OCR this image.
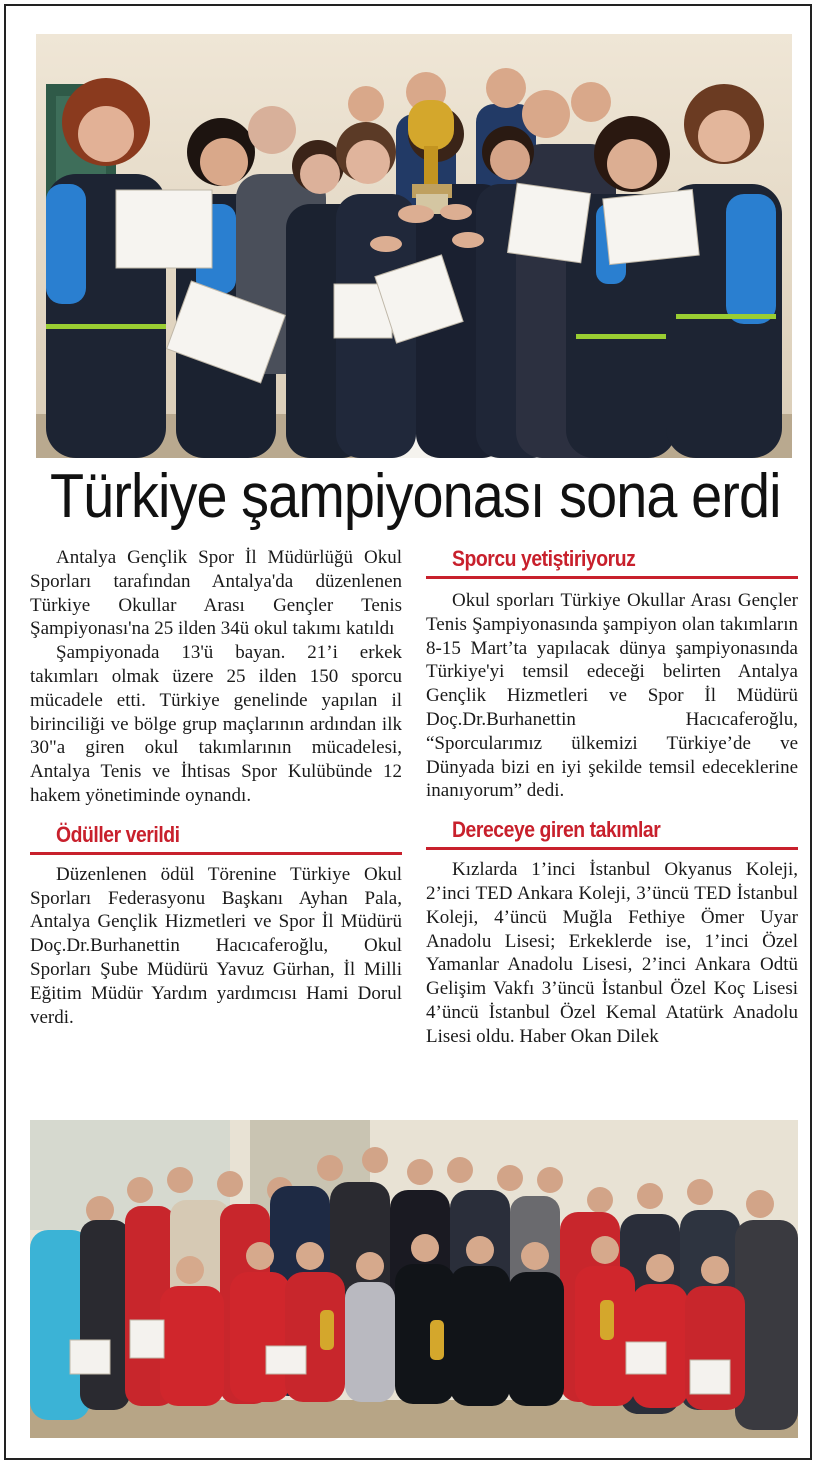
Türkiye şampiyonası sona erdi

Antalya Gençlik Spor İl Müdürlüğü Okul Sporları tarafından Antalya'da düzenlenen Türkiye Okullar Arası Gençler Tenis Şampiyonası'na 25 ilden 34ü okul takımı katıldı

Şampiyonada 13'ü bayan. 21’i erkek takımları olmak üzere 25 ilden 150 sporcu mücadele etti. Türkiye genelinde yapılan il birinciliği ve bölge grup maçlarının ardından ilk 30"a giren okul takımlarının mücadelesi, Antalya Tenis ve İhtisas Spor Kulübünde 12 hakem yönetiminde oynandı.

Ödüller verildi

Düzenlenen ödül Törenine Türkiye Okul Sporları Federasyonu Başkanı Ayhan Pala, Antalya Gençlik Hizmetleri ve Spor İl Müdürü Doç.Dr.Burhanettin Hacıcaferoğlu, Okul Sporları Şube Müdürü Yavuz Gürhan, İl Milli Eğitim Müdür Yardım yardımcısı Hami Dorul verdi.

Sporcu yetiştiriyoruz

Okul sporları Türkiye Okullar Arası Gençler Tenis Şampiyonasında şampiyon olan takımların 8-15 Mart’ta yapılacak dünya şampiyonasında Türkiye'yi temsil edeceği belirten Antalya Gençlik Hizmetleri ve Spor İl Müdürü Doç.Dr.Burhanettin Hacıcaferoğlu, “Sporcularımız ülkemizi Türkiye’de ve Dünyada bizi en iyi şekilde temsil edeceklerine inanıyorum” dedi.

Dereceye giren takımlar

Kızlarda 1’inci İstanbul Okyanus Koleji, 2’inci TED Ankara Koleji, 3’üncü TED İstanbul Koleji, 4’üncü Muğla Fethiye Ömer Uyar Anadolu Lisesi; Erkeklerde ise, 1’inci Özel Yamanlar Anadolu Lisesi, 2’inci Ankara Odtü Gelişim Vakfı 3’üncü İstanbul Özel Koç Lisesi 4’üncü İstanbul Özel Kemal Atatürk Anadolu Lisesi oldu. Haber Okan Dilek
